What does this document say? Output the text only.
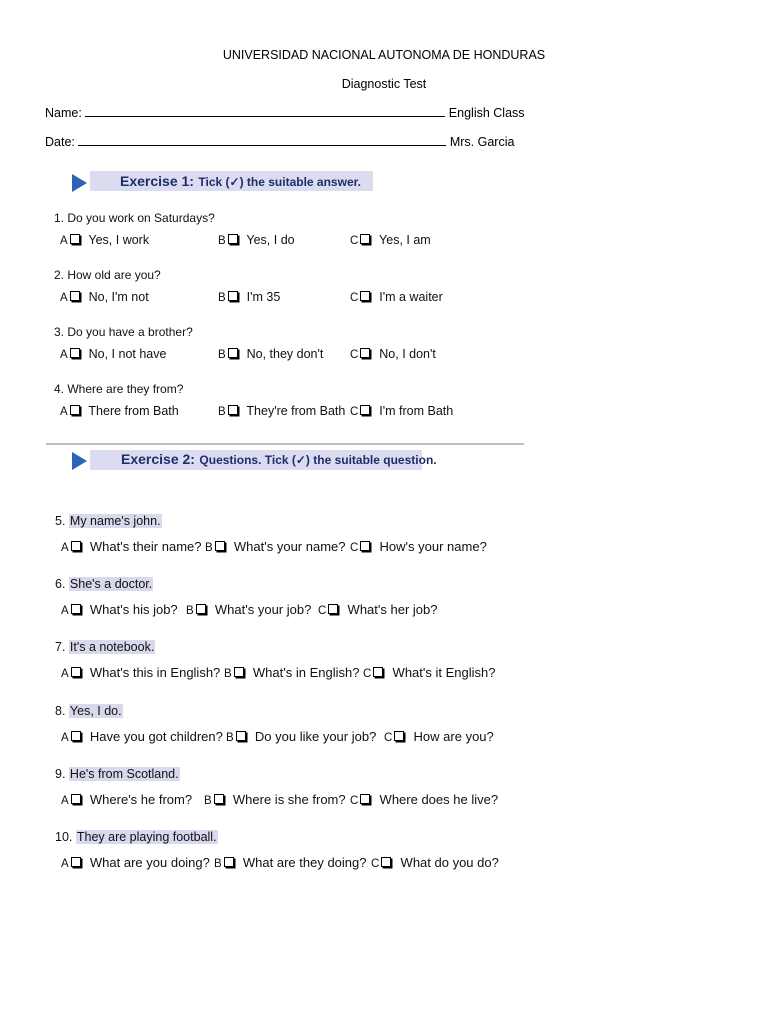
UNIVERSIDAD NACIONAL AUTONOMA DE HONDURAS
Diagnostic Test
Name:	English Class
Date:	Mrs. Garcia
Exercise 1: Tick (✓) the suitable answer.
1. Do you work on Saturdays?
A Yes, I work	B Yes, I do	C Yes, I am
2. How old are you?
A No, I'm not	B I'm 35	C I'm a waiter
3. Do you have a brother?
A No, I not have	B No, they don't C No, I don't
4. Where are they from?
A There from Bath	B They're from Bath C I'm from Bath
Exercise 2: Questions. Tick (✓) the suitable question.
5. My name's john.
A What's their name? B What's your name? C How's your name?
6. She's a doctor.
A What's his job? B What's your job? C What's her job?
7. It's a notebook.
A What's this in English? B What's in English? C What's it English?
8. Yes, I do.
A Have you got children? B Do you like your job? C How are you?
9. He's from Scotland.
A Where's he from? B Where is she from? C Where does he live?
10. They are playing football.
A What are you doing? B What are they doing? C What do you do?
